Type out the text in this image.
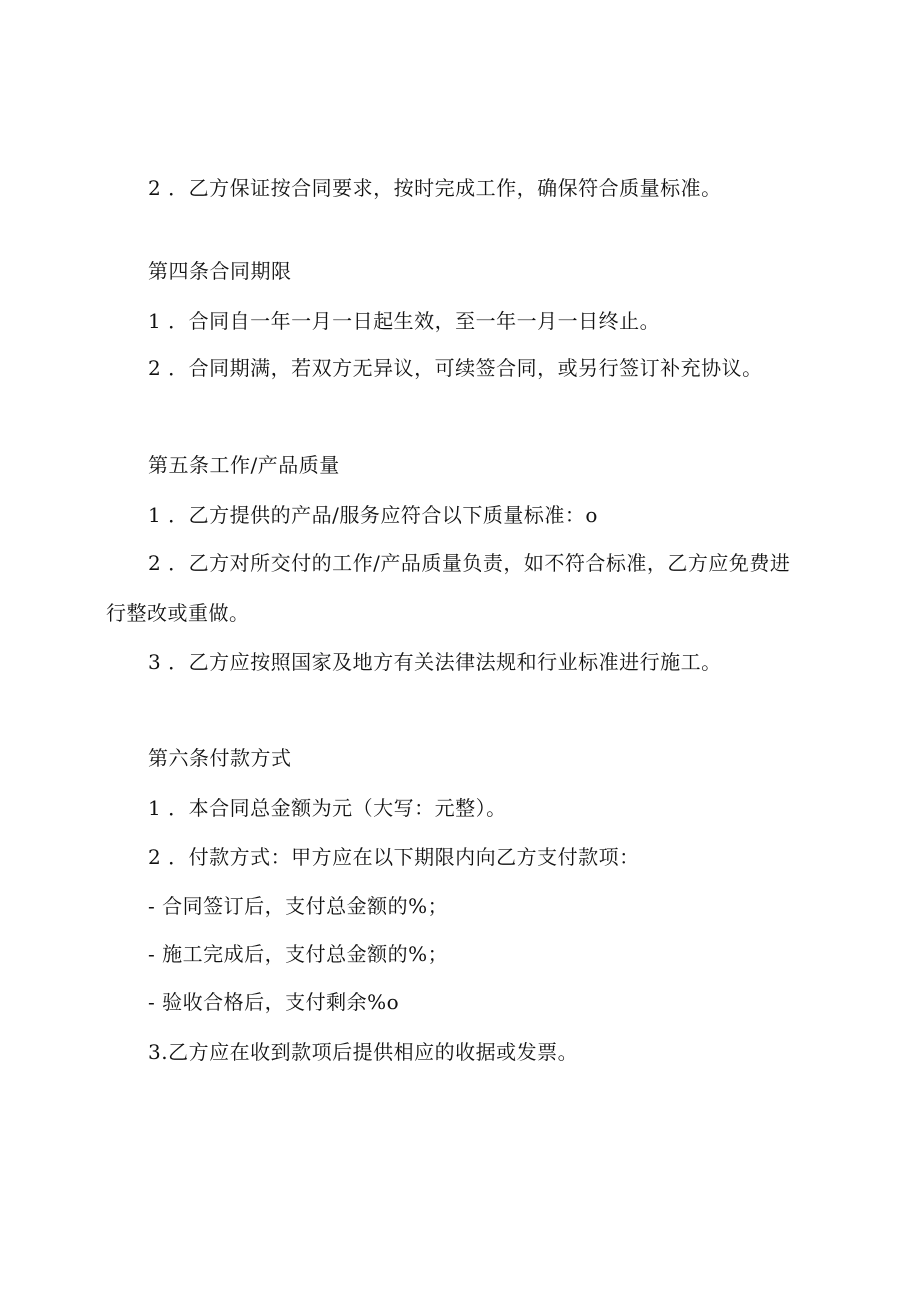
2 ．乙方保证按合同要求，按时完成工作，确保符合质量标准。
第四条合同期限
1 ．合同自一年一月一日起生效，至一年一月一日终止。
2 ．合同期满，若双方无异议，可续签合同，或另行签订补充协议。
第五条工作/产品质量
1 ．乙方提供的产品/服务应符合以下质量标准：o
2 ．乙方对所交付的工作/产品质量负责，如不符合标准，乙方应免费进
行整改或重做。
3 ．乙方应按照国家及地方有关法律法规和行业标准进行施工。
第六条付款方式
1 ．本合同总金额为元（大写：元整）。
2 ．付款方式：甲方应在以下期限内向乙方支付款项：
- 合同签订后，支付总金额的%；
- 施工完成后，支付总金额的%；
- 验收合格后，支付剩余%o
3.乙方应在收到款项后提供相应的收据或发票。
